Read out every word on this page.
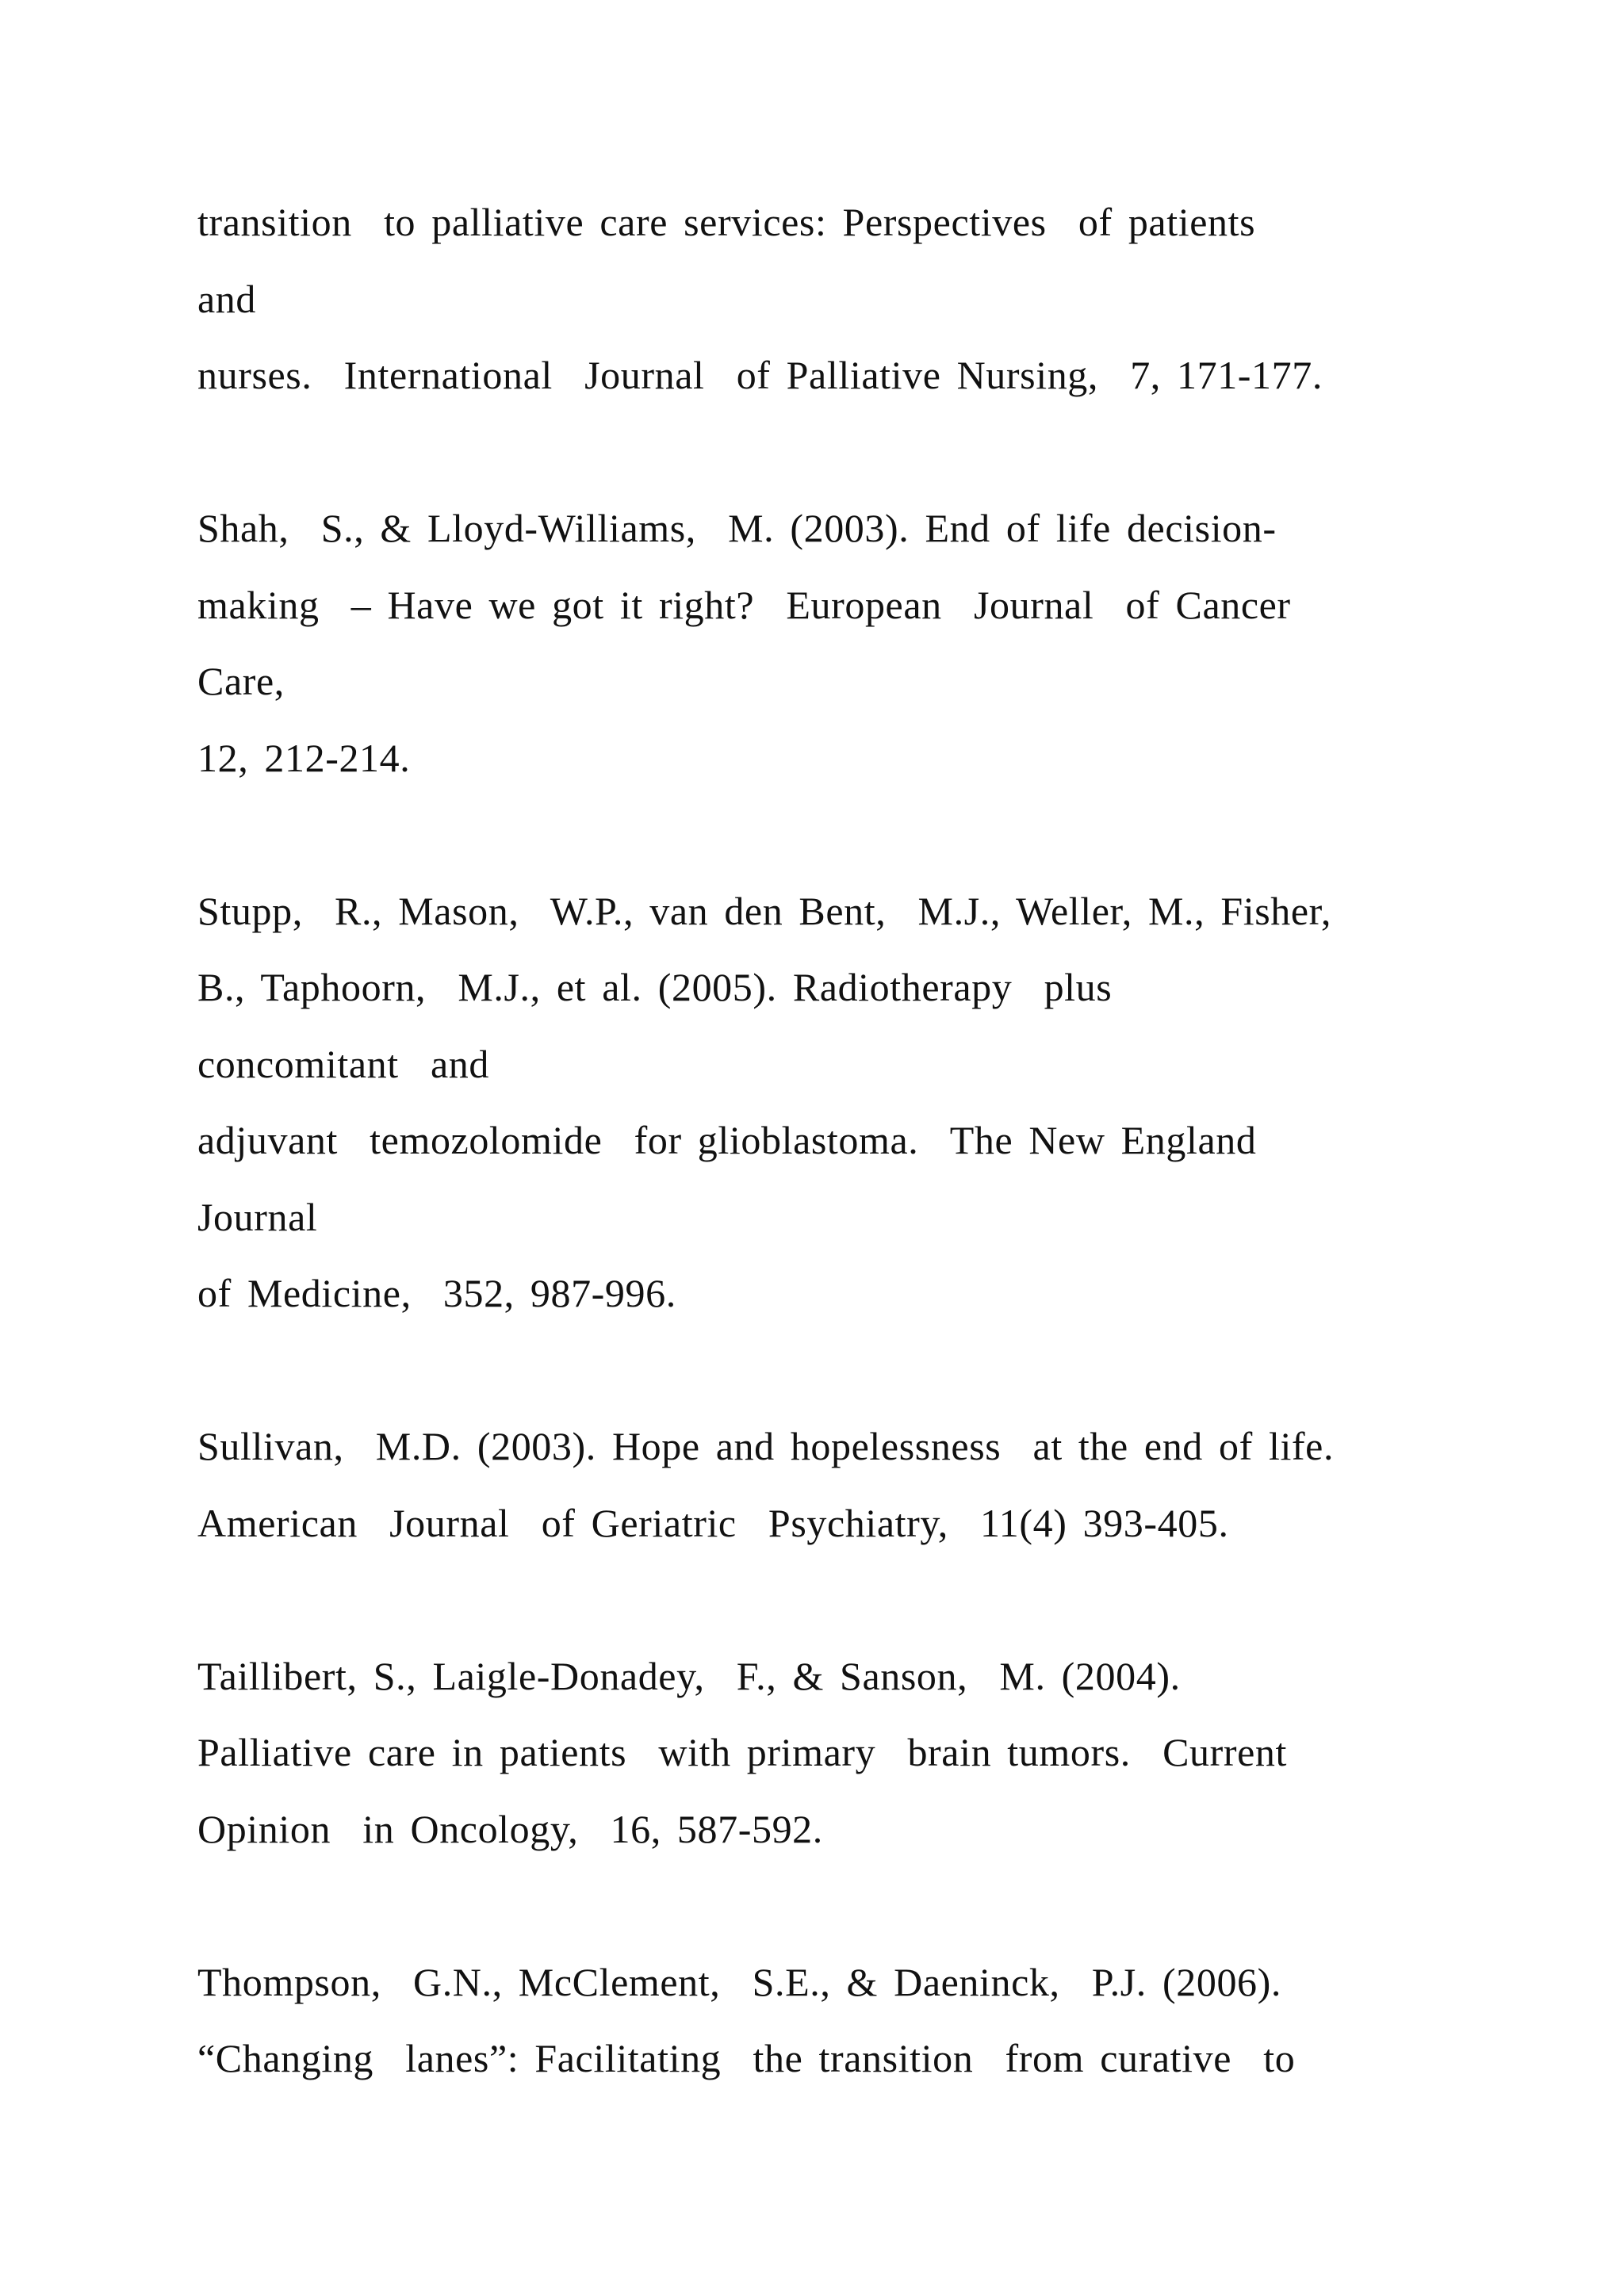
transition  to palliative care services: Perspectives  of patients
and
nurses.  International  Journal  of Palliative Nursing,  7, 171-177.
Shah,  S., & Lloyd-Williams,  M. (2003). End of life decision-
making  – Have we got it right?  European  Journal  of Cancer
Care,
12, 212-214.
Stupp,  R., Mason,  W.P., van den Bent,  M.J., Weller, M., Fisher,
B., Taphoorn,  M.J., et al. (2005). Radiotherapy  plus
concomitant  and
adjuvant  temozolomide  for glioblastoma.  The New England
Journal
of Medicine,  352, 987-996.
Sullivan,  M.D. (2003). Hope and hopelessness  at the end of life.
American  Journal  of Geriatric  Psychiatry,  11(4) 393-405.
Taillibert, S., Laigle-Donadey,  F., & Sanson,  M. (2004).
Palliative care in patients  with primary  brain tumors.  Current
Opinion  in Oncology,  16, 587-592.
Thompson,  G.N., McClement,  S.E., & Daeninck,  P.J. (2006).
“Changing  lanes”: Facilitating  the transition  from curative  to
